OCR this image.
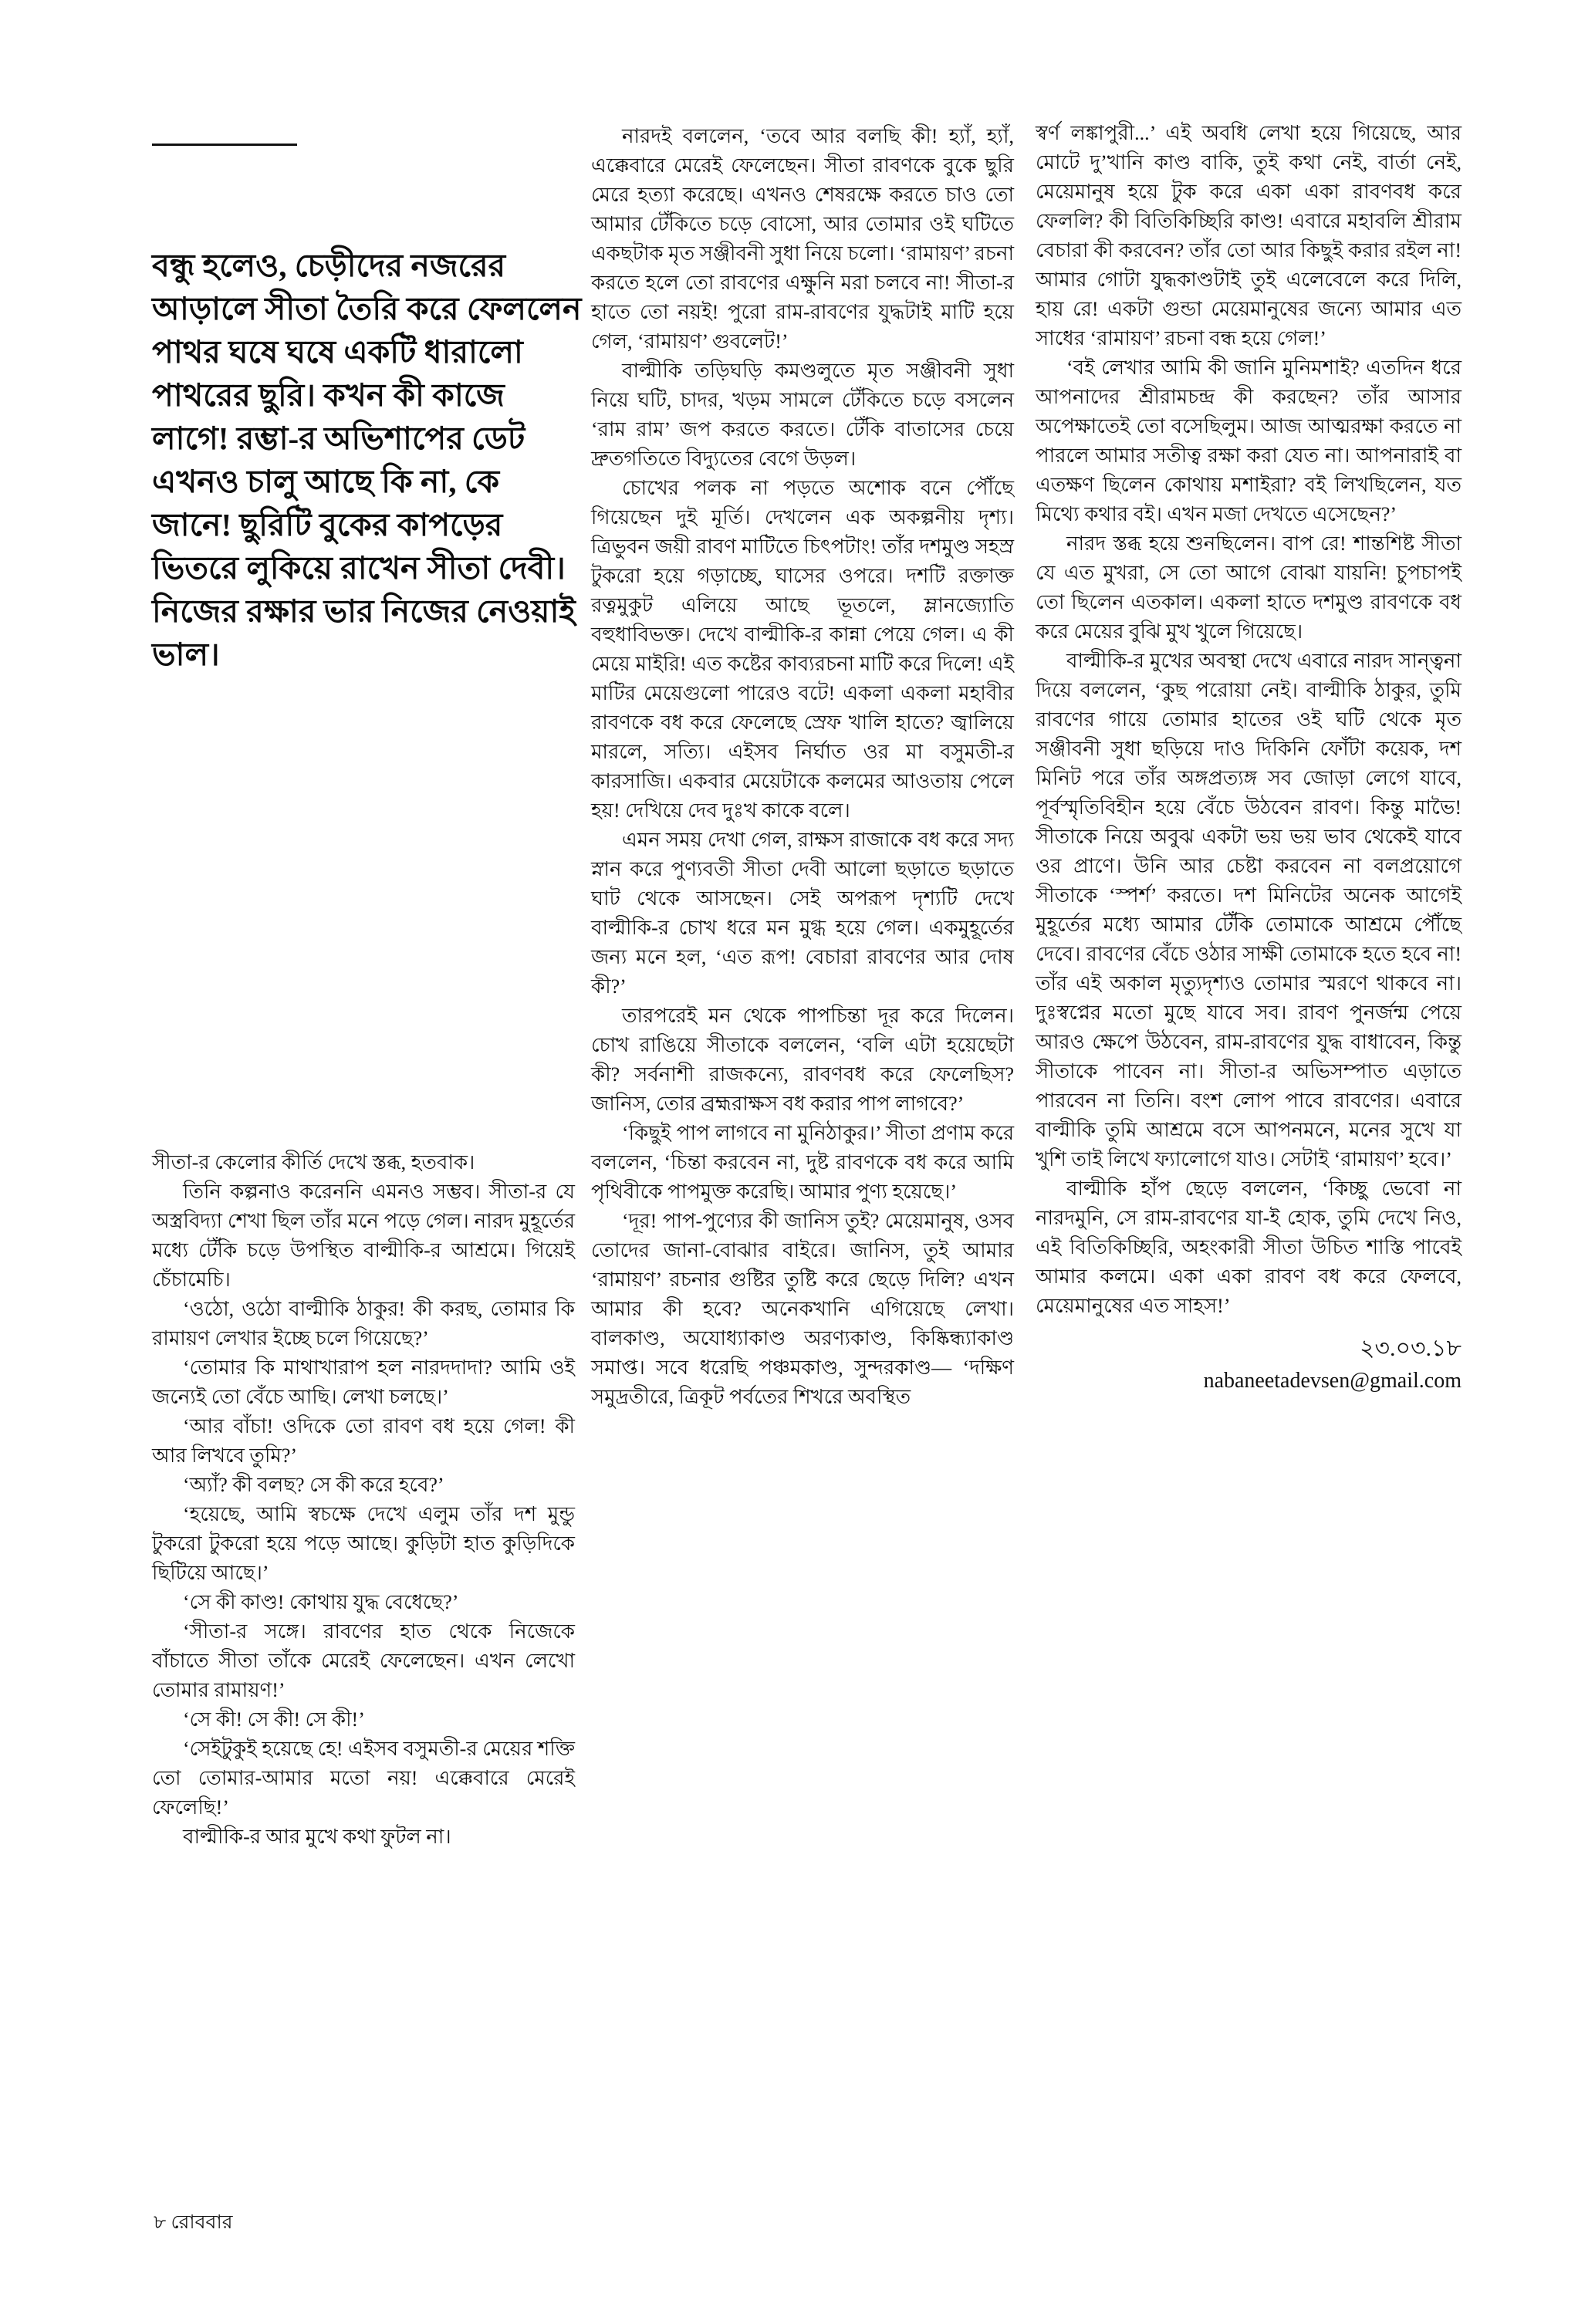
বন্ধু হলেও, চেড়ীদের নজরের আড়ালে সীতা তৈরি করে ফেললেন পাথর ঘষে ঘষে একটি ধারালো পাথরের ছুরি। কখন কী কাজে লাগে! রম্ভা-র অভিশাপের ডেট এখনও চালু আছে কি না, কে জানে! ছুরিটি বুকের কাপড়ের ভিতরে লুকিয়ে রাখেন সীতা দেবী। নিজের রক্ষার ভার নিজের নেওয়াই ভাল।

সীতা-র কেলোর কীর্তি দেখে স্তব্ধ, হতবাক।

তিনি কল্পনাও করেননি এমনও সম্ভব। সীতা-র যে অস্ত্রবিদ্যা শেখা ছিল তাঁর মনে পড়ে গেল। নারদ মুহূর্তের মধ্যে টেঁকি চড়ে উপস্থিত বাল্মীকি-র আশ্রমে। গিয়েই চেঁচামেচি।

‘ওঠো, ওঠো বাল্মীকি ঠাকুর! কী করছ, তোমার কি রামায়ণ লেখার ইচ্ছে চলে গিয়েছে?’

‘তোমার কি মাথাখারাপ হল নারদদাদা? আমি ওই জন্যেই তো বেঁচে আছি। লেখা চলছে।’

‘আর বাঁচা! ওদিকে তো রাবণ বধ হয়ে গেল! কী আর লিখবে তুমি?’

‘অ্যাঁ? কী বলছ? সে কী করে হবে?’

‘হয়েছে, আমি স্বচক্ষে দেখে এলুম তাঁর দশ মুন্ডু টুকরো টুকরো হয়ে পড়ে আছে। কুড়িটা হাত কুড়িদিকে ছিটিয়ে আছে।’

‘সে কী কাণ্ড! কোথায় যুদ্ধ বেধেছে?’

‘সীতা-র সঙ্গে। রাবণের হাত থেকে নিজেকে বাঁচাতে সীতা তাঁকে মেরেই ফেলেছেন। এখন লেখো তোমার রামায়ণ!’

‘সে কী! সে কী! সে কী!’

‘সেইটুকুই হয়েছে হে! এইসব বসুমতী-র মেয়ের শক্তি তো তোমার-আমার মতো নয়! এক্কেবারে মেরেই ফেলেছি!’

বাল্মীকি-র আর মুখে কথা ফুটল না।

নারদই বললেন, ‘তবে আর বলছি কী! হ্যাঁ, হ্যাঁ, এক্কেবারে মেরেই ফেলেছেন। সীতা রাবণকে বুকে ছুরি মেরে হত্যা করেছে। এখনও শেষরক্ষে করতে চাও তো আমার টেঁকিতে চড়ে বোসো, আর তোমার ওই ঘটিতে একছটাক মৃত সঞ্জীবনী সুধা নিয়ে চলো। ‘রামায়ণ’ রচনা করতে হলে তো রাবণের এক্ষুনি মরা চলবে না! সীতা-র হাতে তো নয়ই! পুরো রাম-রাবণের যুদ্ধটাই মাটি হয়ে গেল, ‘রামায়ণ’ গুবলেট!’

বাল্মীকি তড়িঘড়ি কমণ্ডলুতে মৃত সঞ্জীবনী সুধা নিয়ে ঘটি, চাদর, খড়ম সামলে টেঁকিতে চড়ে বসলেন ‘রাম রাম’ জপ করতে করতে। টেঁকি বাতাসের চেয়ে দ্রুতগতিতে বিদ্যুতের বেগে উড়ল।

চোখের পলক না পড়তে অশোক বনে পৌঁছে গিয়েছেন দুই মূর্তি। দেখলেন এক অকল্পনীয় দৃশ্য। ত্রিভুবন জয়ী রাবণ মাটিতে চিৎপটাং! তাঁর দশমুণ্ড সহস্র টুকরো হয়ে গড়াচ্ছে, ঘাসের ওপরে। দশটি রক্তাক্ত রত্নমুকুট এলিয়ে আছে ভূতলে, ম্লানজ্যোতি বহুধাবিভক্ত। দেখে বাল্মীকি-র কান্না পেয়ে গেল। এ কী মেয়ে মাইরি! এত কষ্টের কাব্যরচনা মাটি করে দিলে! এই মাটির মেয়েগুলো পারেও বটে! একলা একলা মহাবীর রাবণকে বধ করে ফেলেছে স্রেফ খালি হাতে? জ্বালিয়ে মারলে, সত্যি। এইসব নির্ঘাত ওর মা বসুমতী-র কারসাজি। একবার মেয়েটাকে কলমের আওতায় পেলে হয়! দেখিয়ে দেব দুঃখ কাকে বলে।

এমন সময় দেখা গেল, রাক্ষস রাজাকে বধ করে সদ্য স্নান করে পুণ্যবতী সীতা দেবী আলো ছড়াতে ছড়াতে ঘাট থেকে আসছেন। সেই অপরূপ দৃশ্যটি দেখে বাল্মীকি-র চোখ ধরে মন মুগ্ধ হয়ে গেল। একমুহূর্তের জন্য মনে হল, ‘এত রূপ! বেচারা রাবণের আর দোষ কী?’

তারপরেই মন থেকে পাপচিন্তা দূর করে দিলেন। চোখ রাঙিয়ে সীতাকে বললেন, ‘বলি এটা হয়েছেটা কী? সর্বনাশী রাজকন্যে, রাবণবধ করে ফেলেছিস? জানিস, তোর ব্রহ্মরাক্ষস বধ করার পাপ লাগবে?’

‘কিছুই পাপ লাগবে না মুনিঠাকুর।’ সীতা প্রণাম করে বললেন, ‘চিন্তা করবেন না, দুষ্ট রাবণকে বধ করে আমি পৃথিবীকে পাপমুক্ত করেছি। আমার পুণ্য হয়েছে।’

‘দূর! পাপ-পুণ্যের কী জানিস তুই? মেয়েমানুষ, ওসব তোদের জানা-বোঝার বাইরে। জানিস, তুই আমার ‘রামায়ণ’ রচনার গুষ্টির তুষ্টি করে ছেড়ে দিলি? এখন আমার কী হবে? অনেকখানি এগিয়েছে লেখা। বালকাণ্ড, অযোধ্যাকাণ্ড অরণ্যকাণ্ড, কিষ্কিন্ধ্যাকাণ্ড সমাপ্ত। সবে ধরেছি পঞ্চমকাণ্ড, সুন্দরকাণ্ড— ‘দক্ষিণ সমুদ্রতীরে, ত্রিকূট পর্বতের শিখরে অবস্থিত

স্বর্ণ লঙ্কাপুরী...’ এই অবধি লেখা হয়ে গিয়েছে, আর মোটে দু’খানি কাণ্ড বাকি, তুই কথা নেই, বার্তা নেই, মেয়েমানুষ হয়ে টুক করে একা একা রাবণবধ করে ফেললি? কী বিতিকিচ্ছিরি কাণ্ড! এবারে মহাবলি শ্রীরাম বেচারা কী করবেন? তাঁর তো আর কিছুই করার রইল না! আমার গোটা যুদ্ধকাণ্ডটাই তুই এলেবেলে করে দিলি, হায় রে! একটা গুন্ডা মেয়েমানুষের জন্যে আমার এত সাধের ‘রামায়ণ’ রচনা বন্ধ হয়ে গেল!’

‘বই লেখার আমি কী জানি মুনিমশাই? এতদিন ধরে আপনাদের শ্রীরামচন্দ্র কী করছেন? তাঁর আসার অপেক্ষাতেই তো বসেছিলুম। আজ আত্মরক্ষা করতে না পারলে আমার সতীত্ব রক্ষা করা যেত না। আপনারাই বা এতক্ষণ ছিলেন কোথায় মশাইরা? বই লিখছিলেন, যত মিথ্যে কথার বই। এখন মজা দেখতে এসেছেন?’

নারদ স্তব্ধ হয়ে শুনছিলেন। বাপ রে! শান্তশিষ্ট সীতা যে এত মুখরা, সে তো আগে বোঝা যায়নি! চুপচাপই তো ছিলেন এতকাল। একলা হাতে দশমুণ্ড রাবণকে বধ করে মেয়ের বুঝি মুখ খুলে গিয়েছে।

বাল্মীকি-র মুখের অবস্থা দেখে এবারে নারদ সান্ত্বনা দিয়ে বললেন, ‘কুছ পরোয়া নেই। বাল্মীকি ঠাকুর, তুমি রাবণের গায়ে তোমার হাতের ওই ঘটি থেকে মৃত সঞ্জীবনী সুধা ছড়িয়ে দাও দিকিনি ফোঁটা কয়েক, দশ মিনিট পরে তাঁর অঙ্গপ্রত্যঙ্গ সব জোড়া লেগে যাবে, পূর্বস্মৃতিবিহীন হয়ে বেঁচে উঠবেন রাবণ। কিন্তু মাভৈ! সীতাকে নিয়ে অবুঝ একটা ভয় ভয় ভাব থেকেই যাবে ওর প্রাণে। উনি আর চেষ্টা করবেন না বলপ্রয়োগে সীতাকে ‘স্পর্শ’ করতে। দশ মিনিটের অনেক আগেই মুহূর্তের মধ্যে আমার টেঁকি তোমাকে আশ্রমে পৌঁছে দেবে। রাবণের বেঁচে ওঠার সাক্ষী তোমাকে হতে হবে না! তাঁর এই অকাল মৃত্যুদৃশ্যও তোমার স্মরণে থাকবে না। দুঃস্বপ্নের মতো মুছে যাবে সব। রাবণ পুনর্জন্ম পেয়ে আরও ক্ষেপে উঠবেন, রাম-রাবণের যুদ্ধ বাধাবেন, কিন্তু সীতাকে পাবেন না। সীতা-র অভিসম্পাত এড়াতে পারবেন না তিনি। বংশ লোপ পাবে রাবণের। এবারে বাল্মীকি তুমি আশ্রমে বসে আপনমনে, মনের সুখে যা খুশি তাই লিখে ফ্যালোগে যাও। সেটাই ‘রামায়ণ’ হবে।’

বাল্মীকি হাঁপ ছেড়ে বললেন, ‘কিচ্ছু ভেবো না নারদমুনি, সে রাম-রাবণের যা-ই হোক, তুমি দেখে নিও, এই বিতিকিচ্ছিরি, অহংকারী সীতা উচিত শাস্তি পাবেই আমার কলমে। একা একা রাবণ বধ করে ফেলবে, মেয়েমানুষের এত সাহস!’

২৩.০৩.১৮
nabaneetadevsen@gmail.com
৮ রোববার
